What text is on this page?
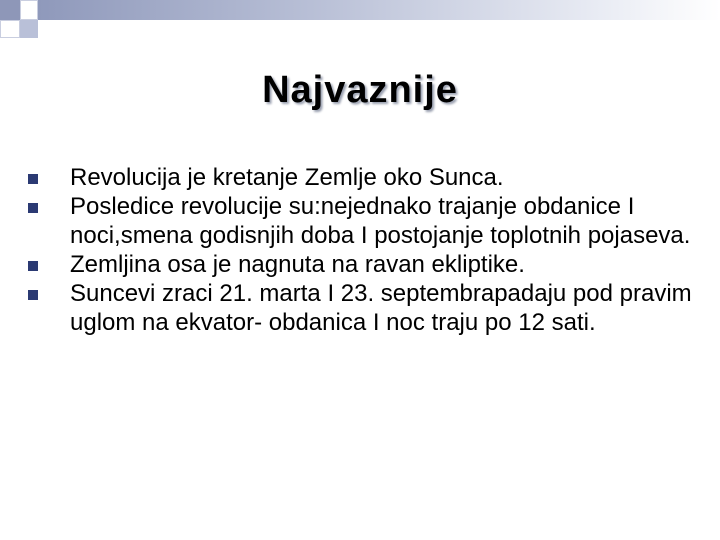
Najvaznije
Revolucija je kretanje Zemlje oko Sunca.
Posledice revolucije su:nejednako trajanje obdanice I noci,smena godisnjih doba I postojanje toplotnih pojaseva.
Zemljina osa je nagnuta na ravan ekliptike.
Suncevi zraci 21. marta I 23. septembrapadaju pod pravim uglom na ekvator- obdanica I noc traju po 12 sati.
